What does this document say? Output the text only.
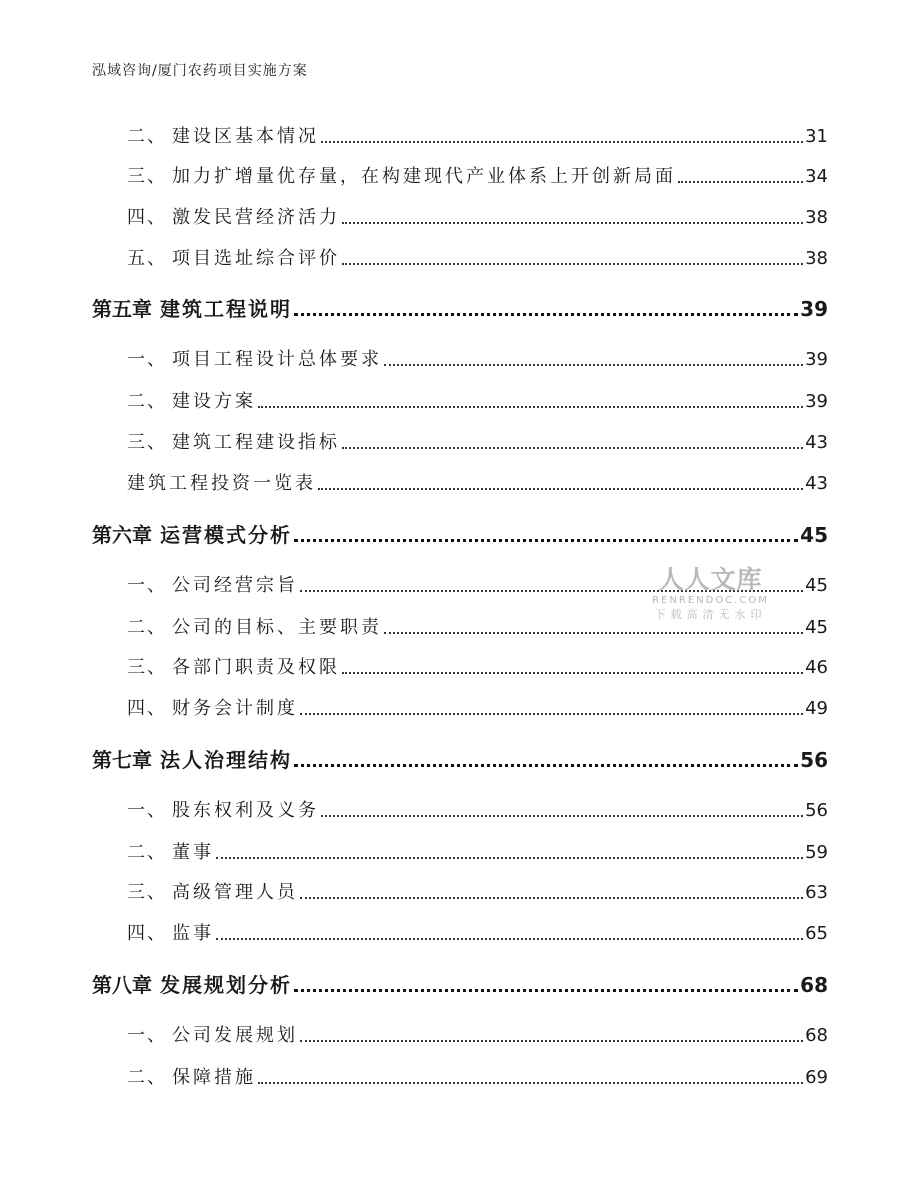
泓域咨询/厦门农药项目实施方案
二、 建设区基本情况	31
三、 加力扩增量优存量，在构建现代产业体系上开创新局面	34
四、 激发民营经济活力	38
五、 项目选址综合评价	38
第五章 建筑工程说明	39
一、 项目工程设计总体要求	39
二、 建设方案	39
三、 建筑工程建设指标	43
建筑工程投资一览表	43
第六章 运营模式分析	45
一、 公司经营宗旨	45
二、 公司的目标、主要职责	45
三、 各部门职责及权限	46
四、 财务会计制度	49
第七章 法人治理结构	56
一、 股东权利及义务	56
二、 董事	59
三、 高级管理人员	63
四、 监事	65
第八章 发展规划分析	68
一、 公司发展规划	68
二、 保障措施	69
人人文库
RENRENDOC.COM
下载高清无水印
